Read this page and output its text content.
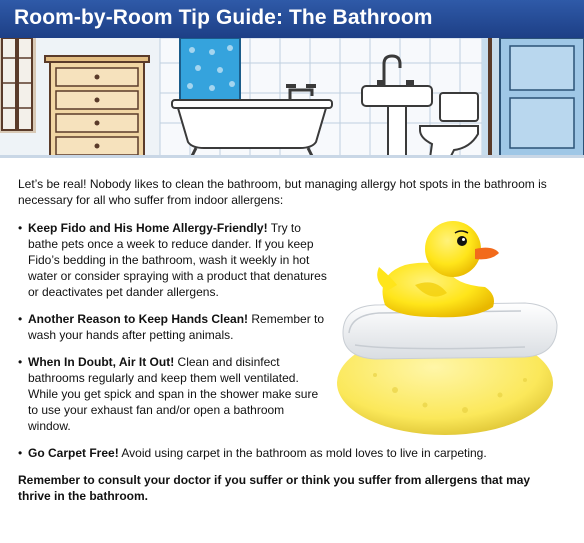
Room-by-Room Tip Guide: The Bathroom

Let’s be real! Nobody likes to clean the bathroom, but managing allergy hot spots in the bathroom is necessary for all who suffer from indoor allergens:

• Keep Fido and His Home Allergy-Friendly! Try to bathe pets once a week to reduce dander. If you keep Fido’s bedding in the bathroom, wash it weekly in hot water or consider spraying with a product that denatures or deactivates pet dander allergens.
• Another Reason to Keep Hands Clean! Remember to wash your hands after petting animals.
• When In Doubt, Air It Out! Clean and disinfect bathrooms regularly and keep them well ventilated. While you get spick and span in the shower make sure to use your exhaust fan and/or open a bathroom window.
• Go Carpet Free! Avoid using carpet in the bathroom as mold loves to live in carpeting.

Remember to consult your doctor if you suffer or think you suffer from allergens that may thrive in the bathroom.
